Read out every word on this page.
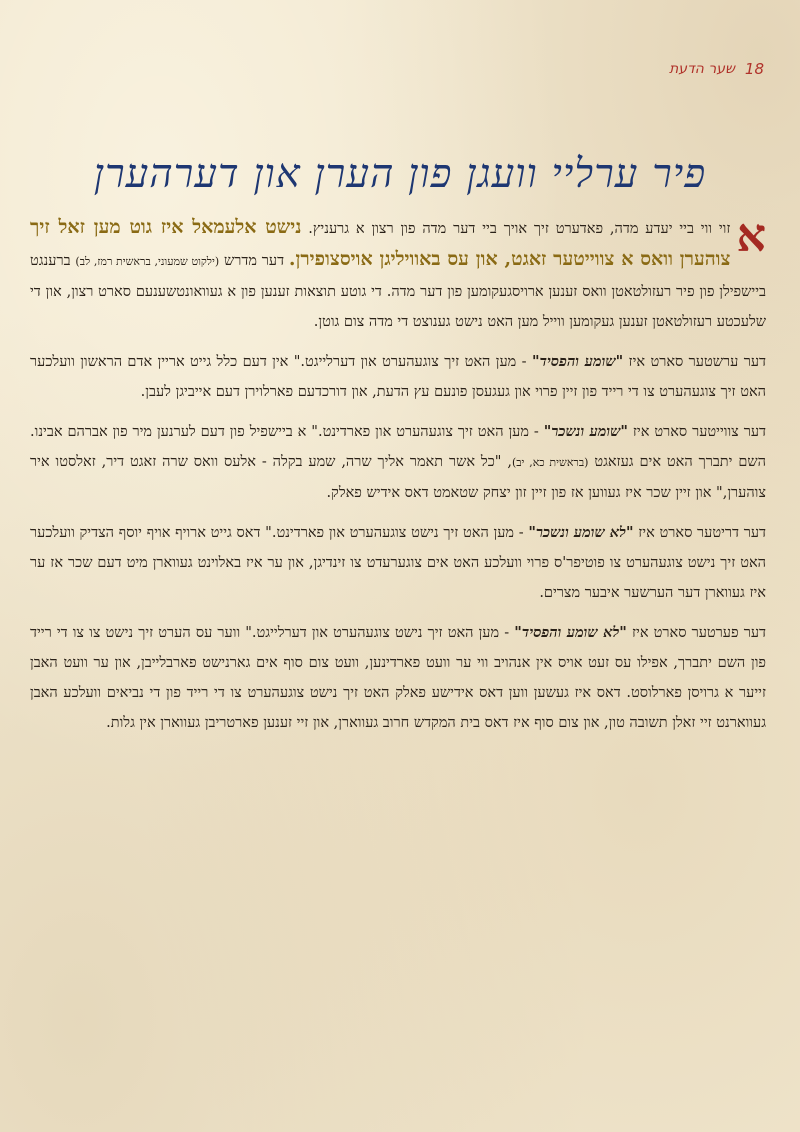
18
שער הדעת
פיר ערליי וועגן פון הערן און דערהערן

א
זוי ווי ביי יעדע מדה, פאדערט זיך אויך ביי דער מדה פון רצון א גרעניץ. נישט אלעמאל איז גוט מען זאל זיך צוהערן וואס א צווייטער זאגט, און עס באוויליגן אויסצופירן. דער מדרש (ילקוט שמעוני, בראשית רמז, לב) ברענגט ביישפילן פון פיר רעזולטאטן וואס זענען ארויסגעקומען פון דער מדה. די גוטע תוצאות זענען פון א געוואונטשענעם סארט רצון, און די שלעכטע רעזולטאטן זענען געקומען ווייל מען האט נישט גענוצט די מדה צום גוטן.

דער ערשטער סארט איז "שומע והפסיד" - מען האט זיך צוגעהערט און דערלייגט." אין דעם כלל גייט אריין אדם הראשון וועלכער האט זיך צוגעהערט צו די רייד פון זיין פרוי און געגעסן פונעם עץ הדעת, און דורכדעם פארלוירן דעם אייביגן לעבן.

דער צווייטער סארט איז "שומע ונשכר" - מען האט זיך צוגעהערט און פארדינט." א ביישפיל פון דעם לערנען מיר פון אברהם אבינו. השם יתברך האט אים געזאגט (בראשית כא, יב), "כל אשר תאמר אליך שרה, שמע בקלה - אלעס וואס שרה זאגט דיר, זאלסטו איר צוהערן," און זיין שכר איז געווען אז פון זיין זון יצחק שטאמט דאס אידיש פאלק.

דער דריטער סארט איז "לא שומע ונשכר" - מען האט זיך נישט צוגעהערט און פארדינט." דאס גייט ארויף אויף יוסף הצדיק וועלכער האט זיך נישט צוגעהערט צו פוטיפר'ס פרוי וועלכע האט אים צוגערעדט צו זינדיגן, און ער איז באלוינט געווארן מיט דעם שכר אז ער איז געווארן דער הערשער איבער מצרים.

דער פערטער סארט איז "לא שומע והפסיד" - מען האט זיך נישט צוגעהערט און דערלייגט." ווער עס הערט זיך נישט צו צו די רייד פון השם יתברך, אפילו עס זעט אויס אין אנהויב ווי ער וועט פארדינען, וועט צום סוף אים גארנישט פארבלייבן, און ער וועט האבן זייער א גרויסן פארלוסט. דאס איז געשען ווען דאס אידישע פאלק האט זיך נישט צוגעהערט צו די רייד פון די נביאים וועלכע האבן געווארנט זיי זאלן תשובה טון, און צום סוף איז דאס בית המקדש חרוב געווארן, און זיי זענען פארטריבן געווארן אין גלות.
